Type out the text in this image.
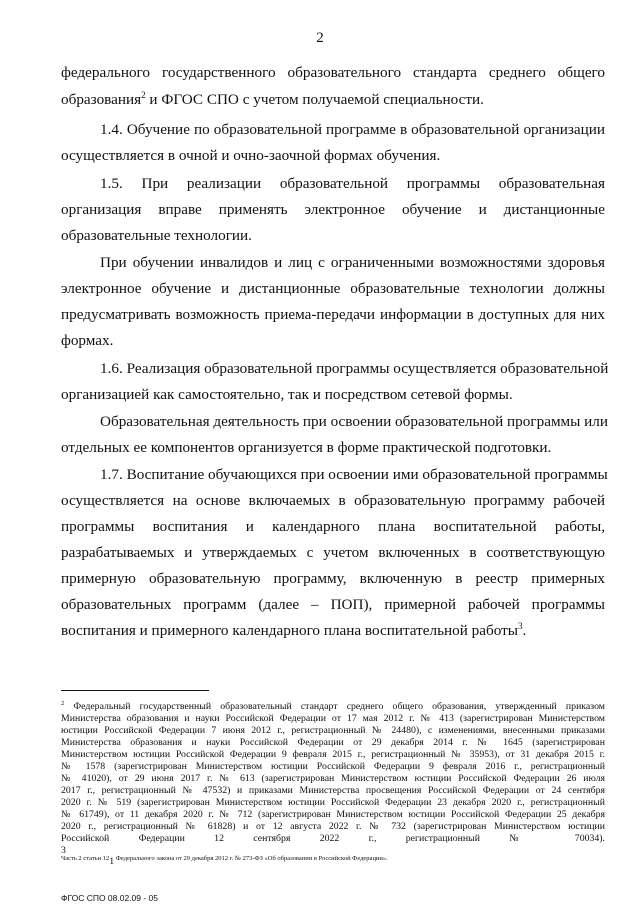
2
федерального государственного образовательного стандарта среднего общего
образования$^2$ и ФГОС СПО с учетом получаемой специальности.
1.4. Обучение по образовательной программе в образовательной организации
осуществляется в очной и очно-заочной формах обучения.
1.5. При реализации образовательной программы образовательная
организация вправе применять электронное обучение и дистанционные
образовательные технологии.
При обучении инвалидов и лиц с ограниченными возможностями здоровья
электронное обучение и дистанционные образовательные технологии должны
предусматривать возможность приема-передачи информации в доступных для них
формах.
1.6. Реализация образовательной программы осуществляется образовательной
организацией как самостоятельно, так и посредством сетевой формы.
Образовательная деятельность при освоении образовательной программы или
отдельных ее компонентов организуется в форме практической подготовки.
1.7. Воспитание обучающихся при освоении ими образовательной программы
осуществляется на основе включаемых в образовательную программу рабочей
программы воспитания и календарного плана воспитательной работы,
разрабатываемых и утверждаемых с учетом включенных в соответствующую
примерную образовательную программу, включенную в реестр примерных
образовательных программ (далее – ПОП), примерной рабочей программы
воспитания и примерного календарного плана воспитательной работы$^3$.
$^2$ Федеральный государственный образовательный стандарт среднего общего образования, утвержденный приказом
Министерства образования и науки Российской Федерации от 17 мая 2012 г. № 413 (зарегистрирован Министерством
юстиции Российской Федерации 7 июня 2012 г., регистрационный № 24480), с изменениями, внесенными приказами
Министерства образования и науки Российской Федерации от 29 декабря 2014 г. № 1645 (зарегистрирован
Министерством юстиции Российской Федерации 9 февраля 2015 г., регистрационный № 35953), от 31 декабря 2015 г.
№ 1578 (зарегистрирован Министерством юстиции Российской Федерации 9 февраля 2016 г., регистрационный
№ 41020), от 29 июня 2017 г. № 613 (зарегистрирован Министерством юстиции Российской Федерации 26 июля
2017 г., регистрационный № 47532) и приказами Министерства просвещения Российской Федерации от 24 сентября
2020 г. № 519 (зарегистрирован Министерством юстиции Российской Федерации 23 декабря 2020 г., регистрационный
№ 61749), от 11 декабря 2020 г. № 712 (зарегистрирован Министерством юстиции Российской Федерации 25 декабря
2020 г., регистрационный № 61828) и от 12 августа 2022 г. № 732 (зарегистрирован Министерством юстиции
Российской Федерации 12 сентября 2022 г., регистрационный № 70034).
3
$^{Часть 2 статьи 12}$1 $^{Федерального закона от 29 декабря 2012 г. № 273-ФЗ «Об образовании в Российской Федерации».}$
ФГОС СПО 08.02.09 - 05
